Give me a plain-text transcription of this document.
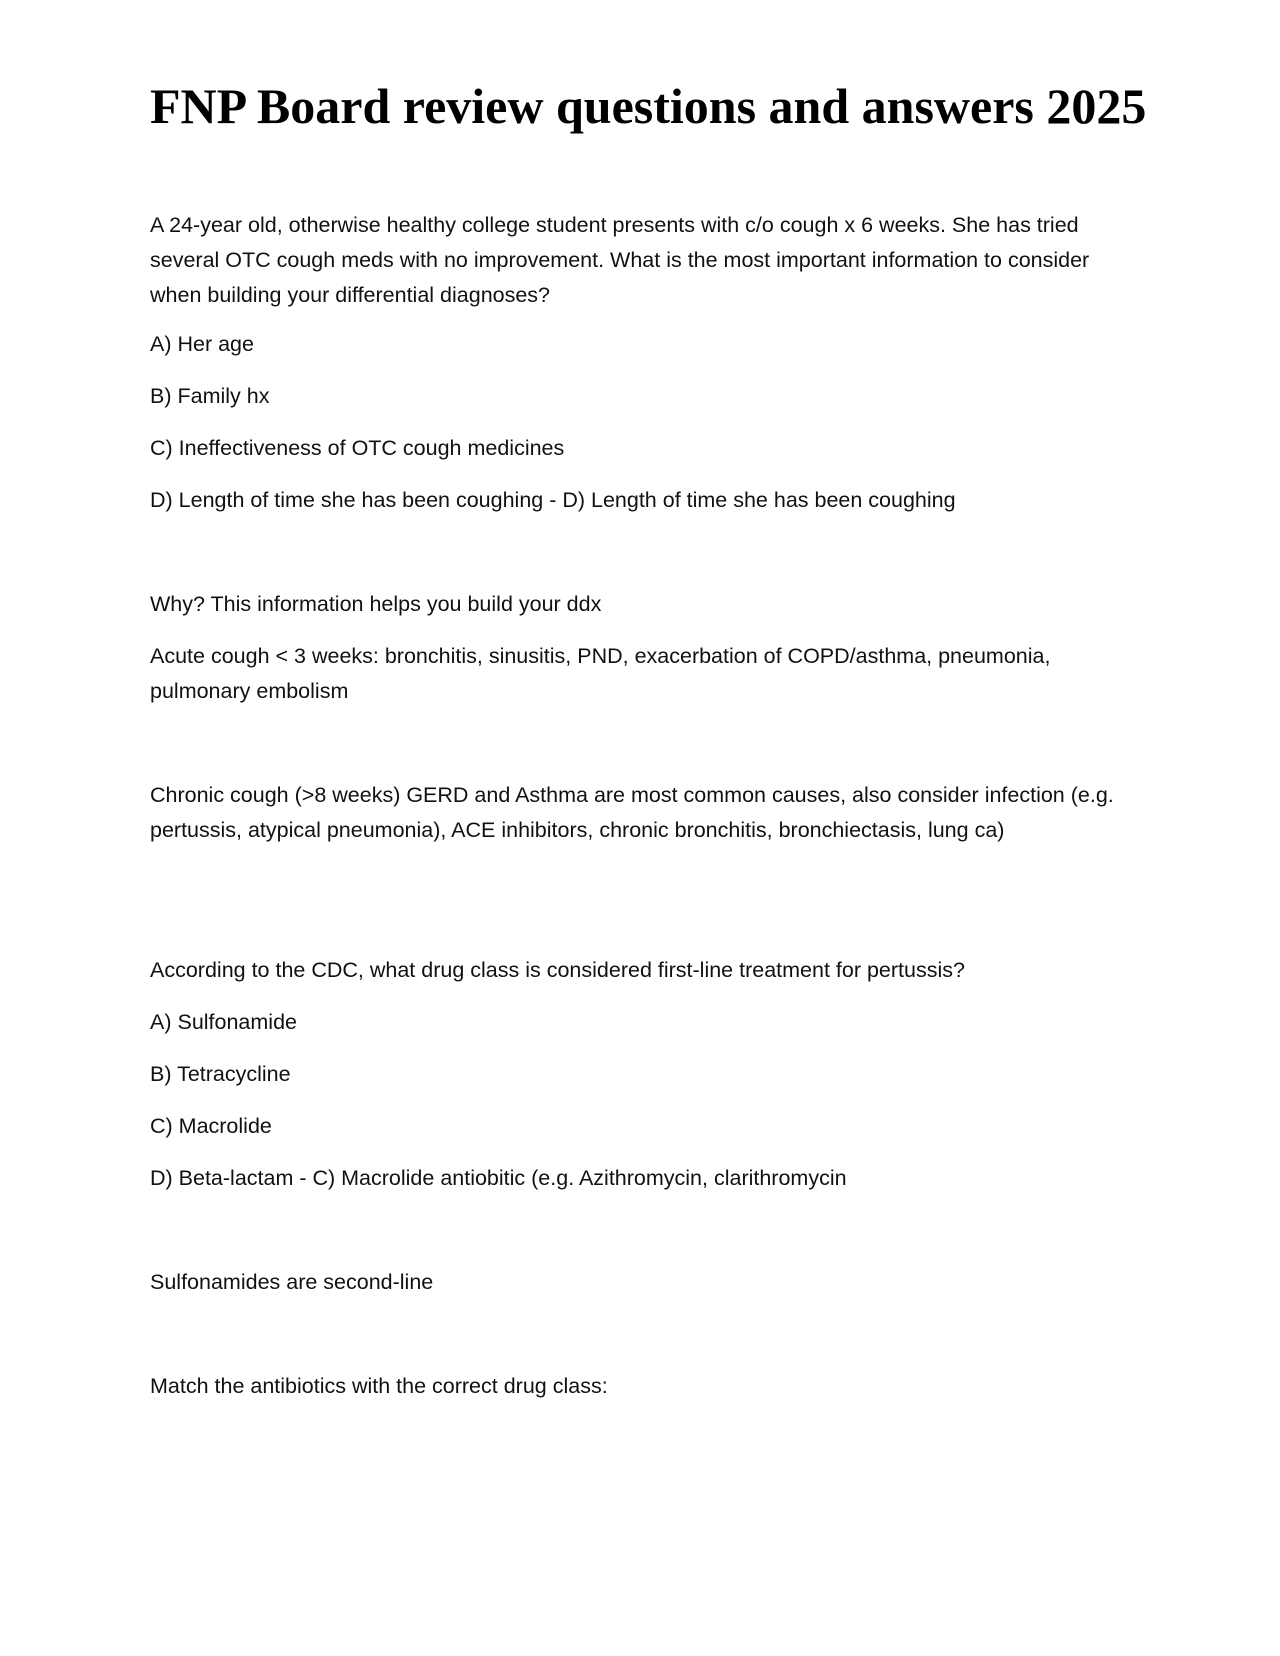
FNP Board review questions and answers 2025

A 24-year old, otherwise healthy college student presents with c/o cough x 6 weeks. She has tried several OTC cough meds with no improvement. What is the most important information to consider when building your differential diagnoses?

A) Her age

B) Family hx

C) Ineffectiveness of OTC cough medicines

D) Length of time she has been coughing - D) Length of time she has been coughing

Why? This information helps you build your ddx

Acute cough < 3 weeks: bronchitis, sinusitis, PND, exacerbation of COPD/asthma, pneumonia, pulmonary embolism

Chronic cough (>8 weeks) GERD and Asthma are most common causes, also consider infection (e.g. pertussis, atypical pneumonia), ACE inhibitors, chronic bronchitis, bronchiectasis, lung ca)

According to the CDC, what drug class is considered first-line treatment for pertussis?

A) Sulfonamide

B) Tetracycline

C) Macrolide

D) Beta-lactam - C) Macrolide antiobitic (e.g. Azithromycin, clarithromycin

Sulfonamides are second-line

Match the antibiotics with the correct drug class:
